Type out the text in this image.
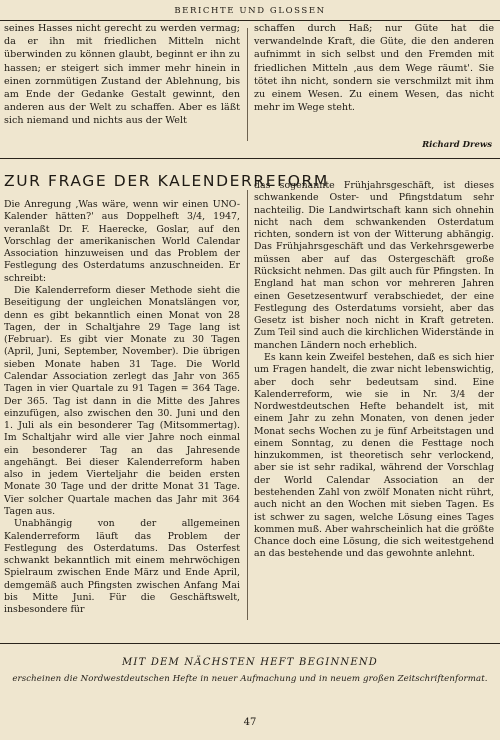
BERICHTE UND GLOSSEN

seines Hasses nicht gerecht zu werden vermag; da er ihn mit friedlichen Mitteln nicht überwinden zu können glaubt, beginnt er ihn zu hassen; er steigert sich immer mehr hinein in einen zornmütigen Zustand der Ablehnung, bis am Ende der Gedanke Gestalt gewinnt, den anderen aus der Welt zu schaffen. Aber es läßt sich niemand und nichts aus der Welt

schaffen durch Haß; nur Güte hat die verwandelnde Kraft, die Güte, die den anderen aufnimmt in sich selbst und den Fremden mit friedlichen Mitteln ‚aus dem Wege räumt'. Sie tötet ihn nicht, sondern sie verschmilzt mit ihm zu einem Wesen. Zu einem Wesen, das nicht mehr im Wege steht.

Richard Drews
ZUR FRAGE DER KALENDERREFORM

Die Anregung ‚Was wäre, wenn wir einen UNO-Kalender hätten?' aus Doppelheft 3/4, 1947, veranlaßt Dr. F. Haerecke, Goslar, auf den Vorschlag der amerikanischen World Calendar Association hinzuweisen und das Problem der Festlegung des Osterdatums anzuschneiden. Er schreibt:

Die Kalenderreform dieser Methode sieht die Beseitigung der ungleichen Monatslängen vor, denn es gibt bekanntlich einen Monat von 28 Tagen, der in Schaltjahre 29 Tage lang ist (Februar). Es gibt vier Monate zu 30 Tagen (April, Juni, September, November). Die übrigen sieben Monate haben 31 Tage. Die World Calendar Association zerlegt das Jahr von 365 Tagen in vier Quartale zu 91 Tagen = 364 Tage. Der 365. Tag ist dann in die Mitte des Jahres einzufügen, also zwischen den 30. Juni und den 1. Juli als ein besonderer Tag (Mitsommertag). Im Schaltjahr wird alle vier Jahre noch einmal ein besonderer Tag an das Jahresende angehängt. Bei dieser Kalenderreform haben also in jedem Vierteljahr die beiden ersten Monate 30 Tage und der dritte Monat 31 Tage. Vier solcher Quartale machen das Jahr mit 364 Tagen aus.

Unabhängig von der allgemeinen Kalenderreform läuft das Problem der Festlegung des Osterdatums. Das Osterfest schwankt bekanntlich mit einem mehrwöchigen Spielraum zwischen Ende März und Ende April, demgemäß auch Pfingsten zwischen Anfang Mai bis Mitte Juni. Für die Geschäftswelt, insbesondere für

das sogenannte Frühjahrsgeschäft, ist dieses schwankende Oster- und Pfingstdatum sehr nachteilig. Die Landwirtschaft kann sich ohnehin nicht nach dem schwankenden Osterdatum richten, sondern ist von der Witterung abhängig. Das Frühjahrsgeschäft und das Verkehrsgewerbe müssen aber auf das Ostergeschäft große Rücksicht nehmen. Das gilt auch für Pfingsten. In England hat man schon vor mehreren Jahren einen Gesetzesentwurf verabschiedet, der eine Festlegung des Osterdatums vorsieht, aber das Gesetz ist bisher noch nicht in Kraft getreten. Zum Teil sind auch die kirchlichen Widerstände in manchen Ländern noch erheblich.

Es kann kein Zweifel bestehen, daß es sich hier um Fragen handelt, die zwar nicht lebenswichtig, aber doch sehr bedeutsam sind. Eine Kalenderreform, wie sie in Nr. 3/4 der Nordwestdeutschen Hefte behandelt ist, mit einem Jahr zu zehn Monaten, von denen jeder Monat sechs Wochen zu je fünf Arbeitstagen und einem Sonntag, zu denen die Festtage noch hinzukommen, ist theoretisch sehr verlockend, aber sie ist sehr radikal, während der Vorschlag der World Calendar Association an der bestehenden Zahl von zwölf Monaten nicht rührt, auch nicht an den Wochen mit sieben Tagen. Es ist schwer zu sagen, welche Lösung eines Tages kommen muß. Aber wahrscheinlich hat die größte Chance doch eine Lösung, die sich weitestgehend an das bestehende und das gewohnte anlehnt.

MIT DEM NÄCHSTEN HEFT BEGINNEND
erscheinen die Nordwestdeutschen Hefte in neuer Aufmachung und in neuem großen Zeitschriftenformat.
47
